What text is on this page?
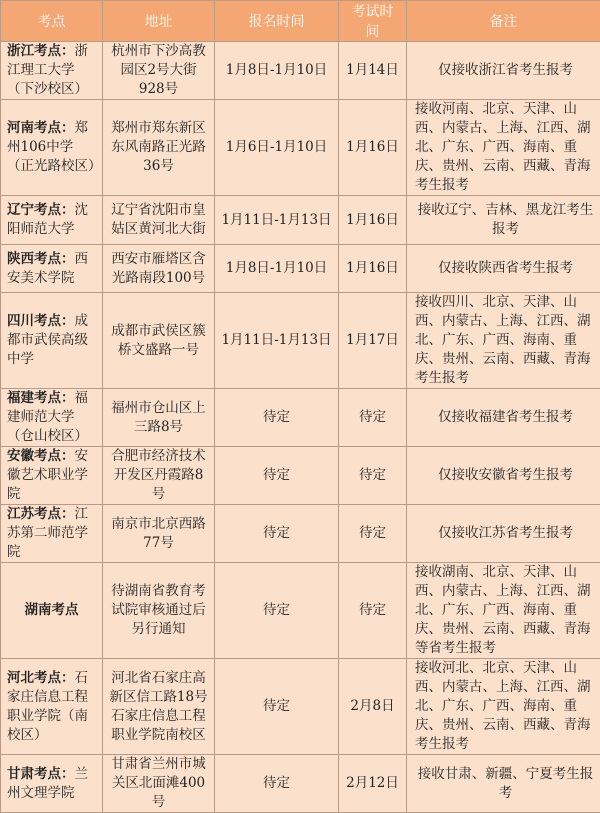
考点	地址	报名时间	考试时间	备注
浙江考点：浙江理工大学（下沙校区）	杭州市下沙高教园区2号大街928号	1月8日-1月10日	1月14日	仅接收浙江省考生报考
河南考点：郑州106中学（正光路校区）	郑州市郑东新区东风南路正光路36号	1月6日-1月10日	1月16日	接收河南、北京、天津、山西、内蒙古、上海、江西、湖北、广东、广西、海南、重庆、贵州、云南、西藏、青海考生报考
辽宁考点：沈阳师范大学	辽宁省沈阳市皇姑区黄河北大街	1月11日-1月13日	1月16日	接收辽宁、吉林、黑龙江考生报考
陕西考点：西安美术学院	西安市雁塔区含光路南段100号	1月8日-1月10日	1月16日	仅接收陕西省考生报考
四川考点：成都市武侯高级中学	成都市武侯区簇桥文盛路一号	1月11日-1月13日	1月17日	接收四川、北京、天津、山西、内蒙古、上海、江西、湖北、广东、广西、海南、重庆、贵州、云南、西藏、青海考生报考
福建考点：福建师范大学（仓山校区）	福州市仓山区上三路8号	待定	待定	仅接收福建省考生报考
安徽考点：安徽艺术职业学院	合肥市经济技术开发区丹霞路8号	待定	待定	仅接收安徽省考生报考
江苏考点：江苏第二师范学院	南京市北京西路77号	待定	待定	仅接收江苏省考生报考
湖南考点	待湖南省教育考试院审核通过后另行通知	待定	待定	接收湖南、北京、天津、山西、内蒙古、上海、江西、湖北、广东、广西、海南、重庆、贵州、云南、西藏、青海等省考生报考
河北考点：石家庄信息工程职业学院（南校区）	河北省石家庄高新区信工路18号石家庄信息工程职业学院南校区	待定	2月8日	接收河北、北京、天津、山西、内蒙古、上海、江西、湖北、广东、广西、海南、重庆、贵州、云南、西藏、青海考生报考
甘肃考点：兰州文理学院	甘肃省兰州市城关区北面滩400号	待定	2月12日	接收甘肃、新疆、宁夏考生报考
